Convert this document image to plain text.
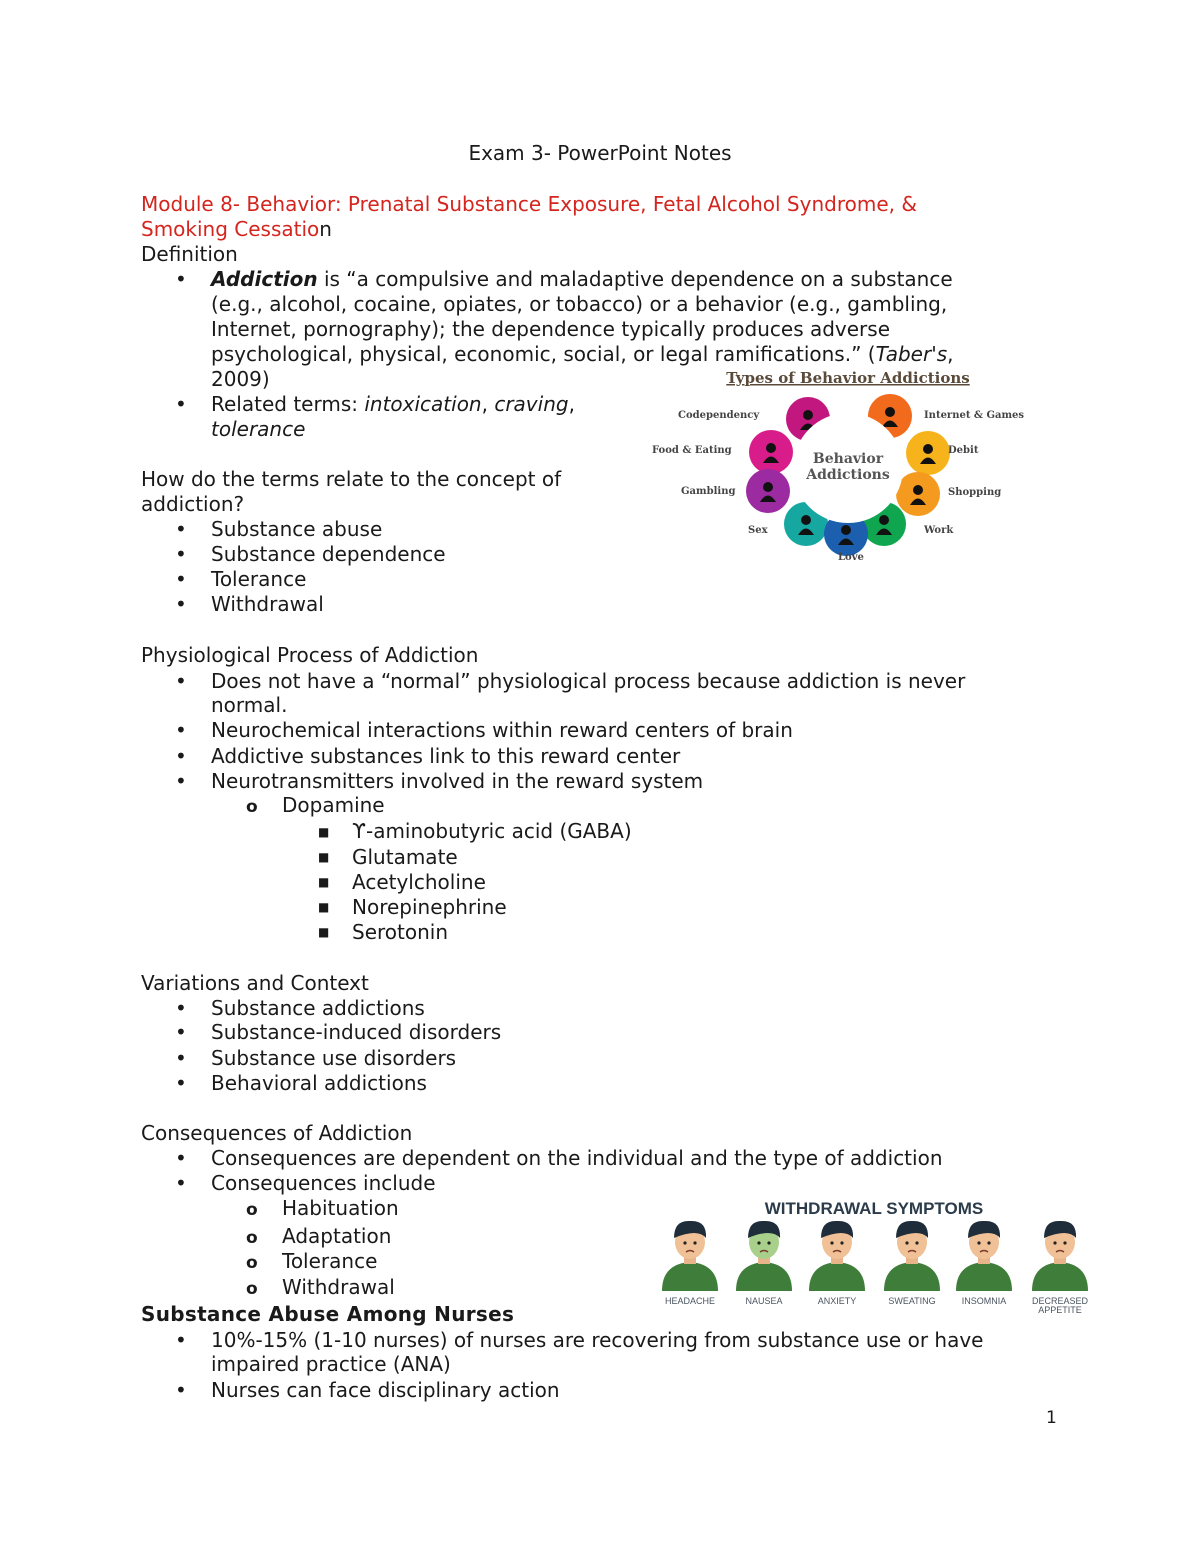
Exam 3- PowerPoint Notes
Module 8- Behavior: Prenatal Substance Exposure, Fetal Alcohol Syndrome, &
Smoking Cessation
Definition
• Addiction is “a compulsive and maladaptive dependence on a substance
(e.g., alcohol, cocaine, opiates, or tobacco) or a behavior (e.g., gambling,
Internet, pornography); the dependence typically produces adverse
psychological, physical, economic, social, or legal ramifications.” (Taber's,
2009)
• Related terms: intoxication, craving,
tolerance
How do the terms relate to the concept of
addiction?
• Substance abuse
• Substance dependence
• Tolerance
• Withdrawal
Physiological Process of Addiction
• Does not have a “normal” physiological process because addiction is never
normal.
• Neurochemical interactions within reward centers of brain
• Addictive substances link to this reward center
• Neurotransmitters involved in the reward system
o Dopamine
■ ϒ-aminobutyric acid (GABA)
■ Glutamate
■ Acetylcholine
■ Norepinephrine
■ Serotonin
Variations and Context
• Substance addictions
• Substance-induced disorders
• Substance use disorders
• Behavioral addictions
Consequences of Addiction
• Consequences are dependent on the individual and the type of addiction
• Consequences include
o Habituation
o Adaptation
o Tolerance
o Withdrawal
Substance Abuse Among Nurses
• 10%-15% (1-10 nurses) of nurses are recovering from substance use or have
impaired practice (ANA)
• Nurses can face disciplinary action
1
Types of Behavior Addictions
Behavior
Addictions
Codependency	Internet & Games
Food & Eating	Debit
Gambling	Shopping
Sex	Work
Love
WITHDRAWAL SYMPTOMS
HEADACHE	NAUSEA	ANXIETY	SWEATING	INSOMNIA	DECREASED
APPETITE
